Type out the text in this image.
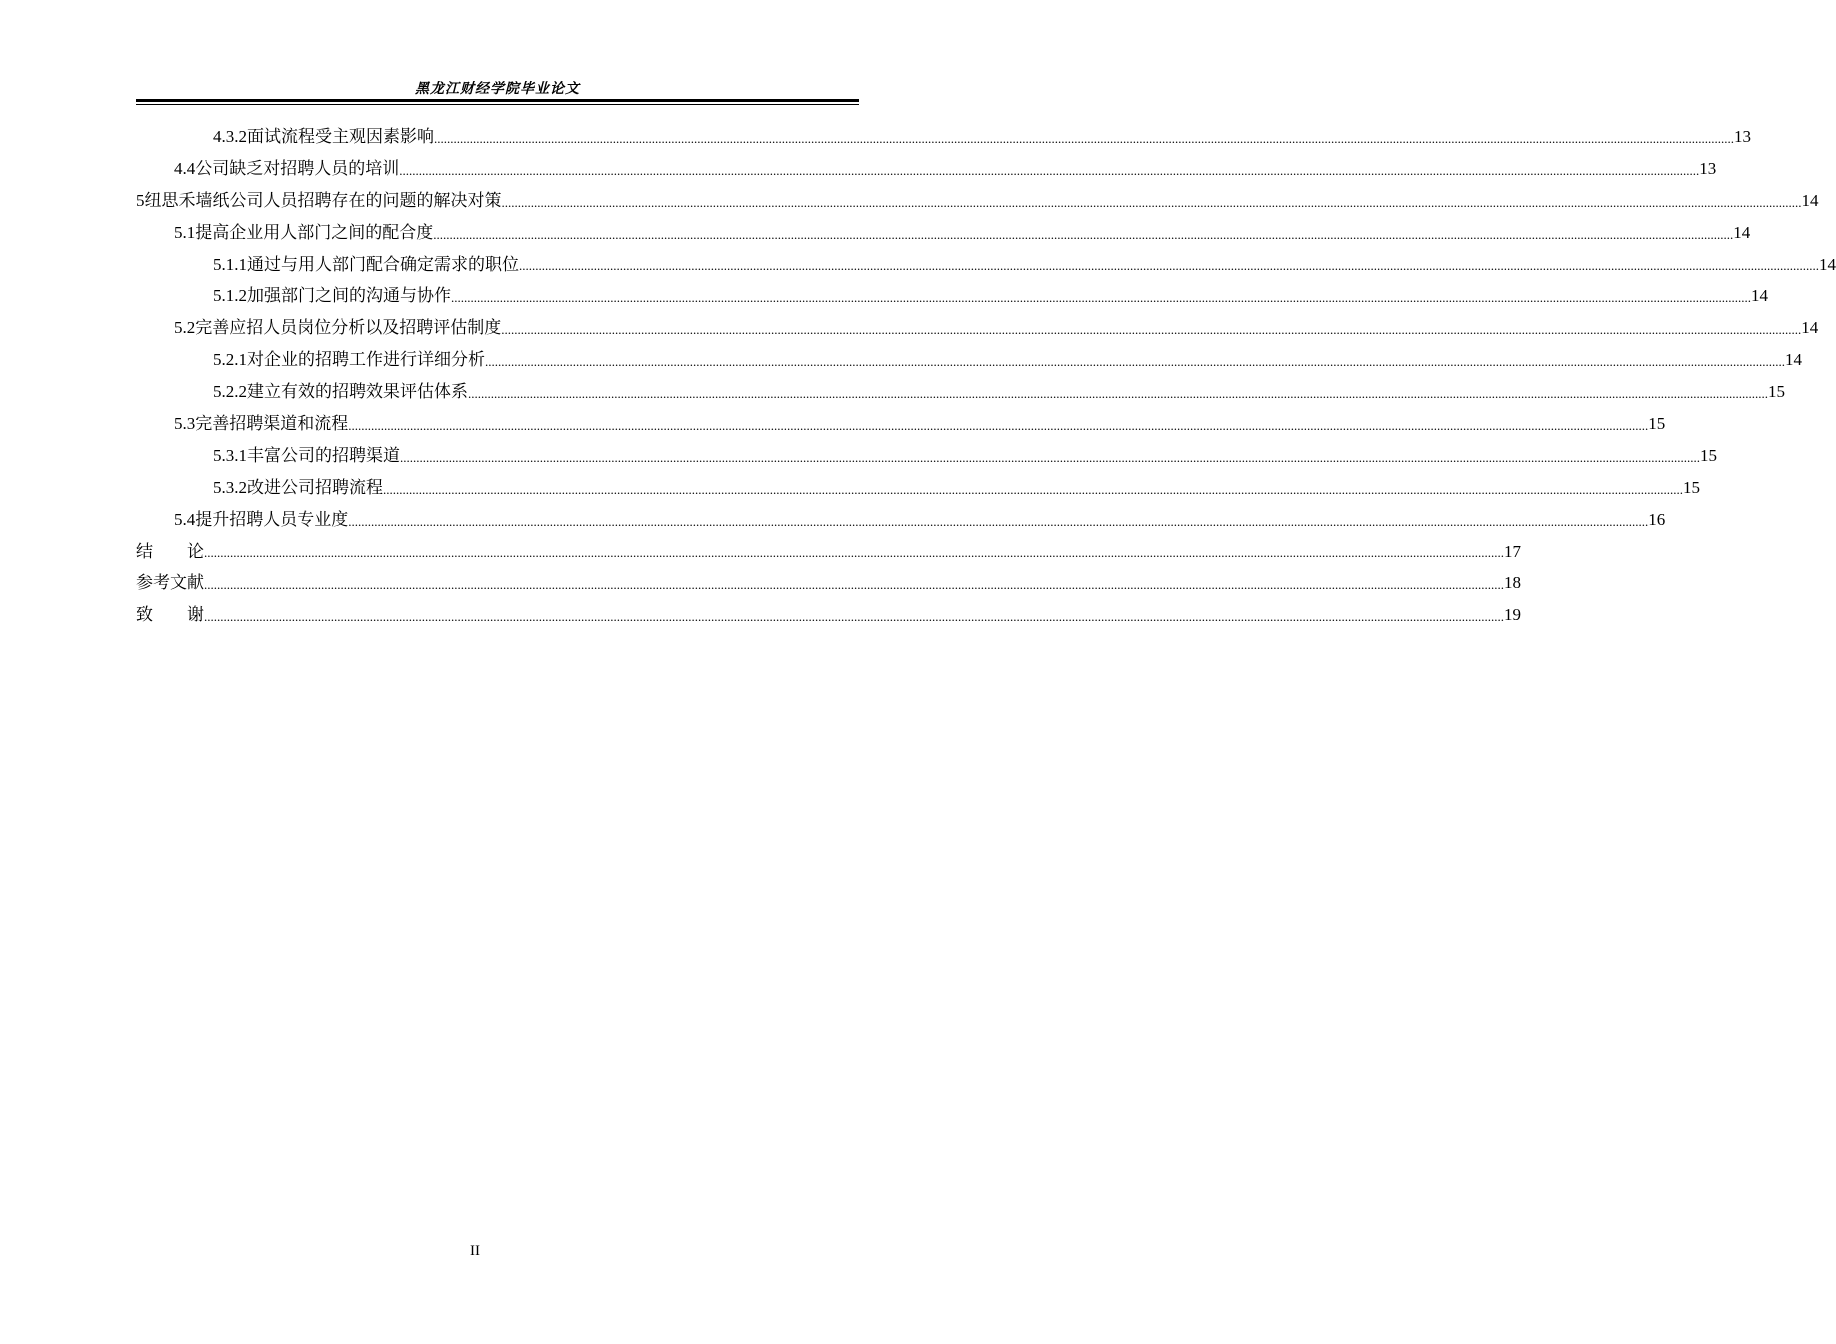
黑龙江财经学院毕业论文
4.3.2 面试流程受主观因素影响 ................................................................................................................................................................................................................................................................................................................................................................................................................ 13
4.4 公司缺乏对招聘人员的培训 ................................................................................................................................................................................................................................................................................................................................................................................................................ 13
5 纽思禾墙纸公司人员招聘存在的问题的解决对策 ................................................................................................................................................................................................................................................................................................................................................................................................................ 14
5.1 提高企业用人部门之间的配合度 ................................................................................................................................................................................................................................................................................................................................................................................................................ 14
5.1.1 通过与用人部门配合确定需求的职位 ................................................................................................................................................................................................................................................................................................................................................................................................................ 14
5.1.2 加强部门之间的沟通与协作 ................................................................................................................................................................................................................................................................................................................................................................................................................ 14
5.2 完善应招人员岗位分析以及招聘评估制度 ................................................................................................................................................................................................................................................................................................................................................................................................................ 14
5.2.1 对企业的招聘工作进行详细分析 ................................................................................................................................................................................................................................................................................................................................................................................................................ 14
5.2.2 建立有效的招聘效果评估体系 ................................................................................................................................................................................................................................................................................................................................................................................................................ 15
5.3 完善招聘渠道和流程 ................................................................................................................................................................................................................................................................................................................................................................................................................ 15
5.3.1 丰富公司的招聘渠道 ................................................................................................................................................................................................................................................................................................................................................................................................................ 15
5.3.2 改进公司招聘流程 ................................................................................................................................................................................................................................................................................................................................................................................................................ 15
5.4 提升招聘人员专业度 ................................................................................................................................................................................................................................................................................................................................................................................................................ 16
结　　论 ................................................................................................................................................................................................................................................................................................................................................................................................................ 17
参考文献 ................................................................................................................................................................................................................................................................................................................................................................................................................ 18
致　　谢 ................................................................................................................................................................................................................................................................................................................................................................................................................ 19
II
